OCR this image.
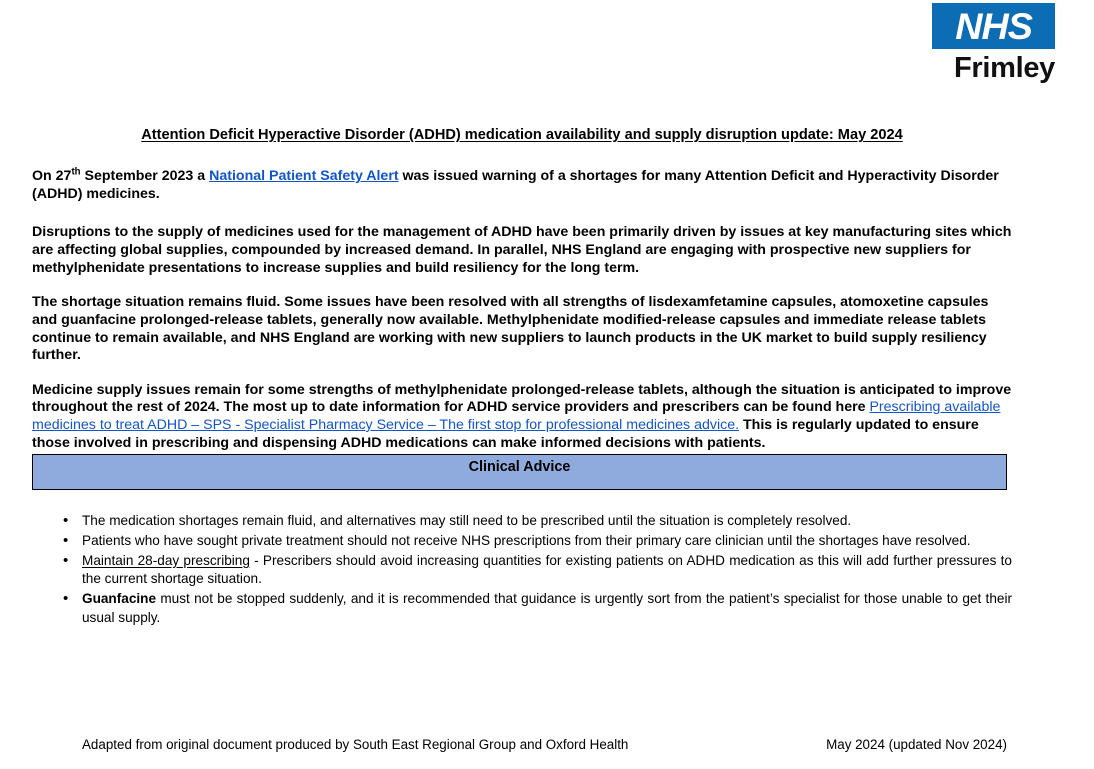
NHS
Frimley
Attention Deficit Hyperactive Disorder (ADHD) medication availability and supply disruption update: May 2024

On 27th September 2023 a National Patient Safety Alert was issued warning of a shortages for many Attention Deficit and Hyperactivity Disorder (ADHD) medicines.

Disruptions to the supply of medicines used for the management of ADHD have been primarily driven by issues at key manufacturing sites which are affecting global supplies, compounded by increased demand. In parallel, NHS England are engaging with prospective new suppliers for methylphenidate presentations to increase supplies and build resiliency for the long term.

The shortage situation remains fluid. Some issues have been resolved with all strengths of lisdexamfetamine capsules, atomoxetine capsules and guanfacine prolonged-release tablets, generally now available. Methylphenidate modified-release capsules and immediate release tablets continue to remain available, and NHS England are working with new suppliers to launch products in the UK market to build supply resiliency further.

Medicine supply issues remain for some strengths of methylphenidate prolonged-release tablets, although the situation is anticipated to improve throughout the rest of 2024. The most up to date information for ADHD service providers and prescribers can be found here Prescribing available medicines to treat ADHD – SPS - Specialist Pharmacy Service – The first stop for professional medicines advice. This is regularly updated to ensure those involved in prescribing and dispensing ADHD medications can make informed decisions with patients.

Clinical Advice
• The medication shortages remain fluid, and alternatives may still need to be prescribed until the situation is completely resolved.
• Patients who have sought private treatment should not receive NHS prescriptions from their primary care clinician until the shortages have resolved.
• Maintain 28-day prescribing - Prescribers should avoid increasing quantities for existing patients on ADHD medication as this will add further pressures to the current shortage situation.
• Guanfacine must not be stopped suddenly, and it is recommended that guidance is urgently sort from the patient’s specialist for those unable to get their usual supply.
Adapted from original document produced by South East Regional Group and Oxford Health	May 2024 (updated Nov 2024)
